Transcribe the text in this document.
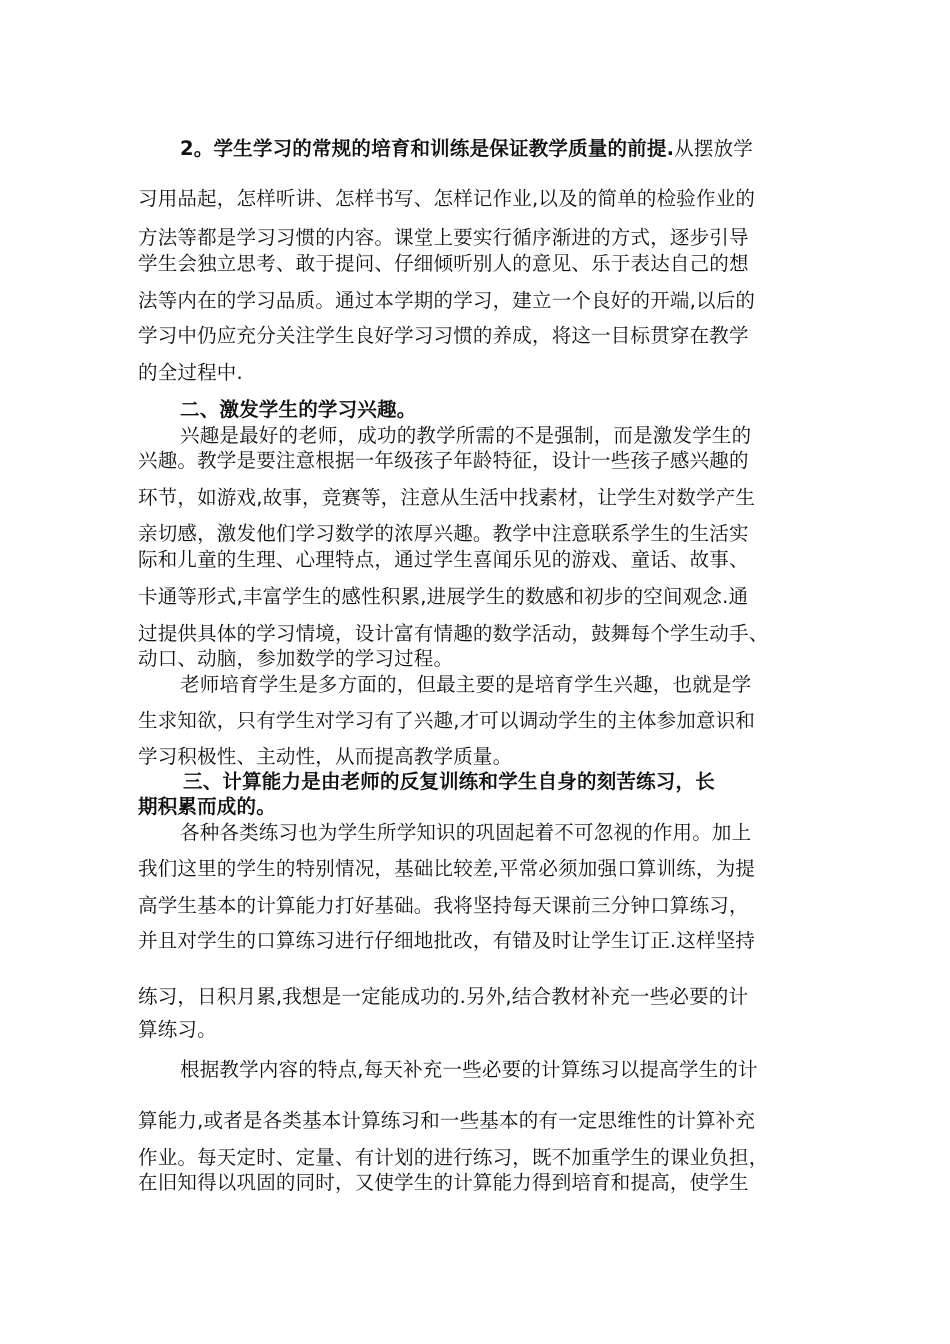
2。学生学习的常规的培育和训练是保证教学质量的前提.从摆放学

习用品起，怎样听讲、怎样书写、怎样记作业,以及的简单的检验作业的

方法等都是学习习惯的内容。课堂上要实行循序渐进的方式，逐步引导

学生会独立思考、敢于提问、仔细倾听别人的意见、乐于表达自己的想

法等内在的学习品质。通过本学期的学习，建立一个良好的开端,以后的

学习中仍应充分关注学生良好学习习惯的养成，将这一目标贯穿在教学

的全过程中.

二、激发学生的学习兴趣。

兴趣是最好的老师，成功的教学所需的不是强制，而是激发学生的

兴趣。教学是要注意根据一年级孩子年龄特征，设计一些孩子感兴趣的

环节，如游戏,故事，竞赛等，注意从生活中找素材，让学生对数学产生

亲切感，激发他们学习数学的浓厚兴趣。教学中注意联系学生的生活实

际和儿童的生理、心理特点，通过学生喜闻乐见的游戏、童话、故事、

卡通等形式,丰富学生的感性积累,进展学生的数感和初步的空间观念.通

过提供具体的学习情境，设计富有情趣的数学活动，鼓舞每个学生动手、

动口、动脑，参加数学的学习过程。

老师培育学生是多方面的，但最主要的是培育学生兴趣，也就是学

生求知欲，只有学生对学习有了兴趣,才可以调动学生的主体参加意识和

学习积极性、主动性，从而提高教学质量。

三、计算能力是由老师的反复训练和学生自身的刻苦练习，长

期积累而成的。

各种各类练习也为学生所学知识的巩固起着不可忽视的作用。加上

我们这里的学生的特别情况，基础比较差,平常必须加强口算训练，为提

高学生基本的计算能力打好基础。我将坚持每天课前三分钟口算练习，

并且对学生的口算练习进行仔细地批改，有错及时让学生订正.这样坚持

练习，日积月累,我想是一定能成功的.另外,结合教材补充一些必要的计

算练习。

根据教学内容的特点,每天补充一些必要的计算练习以提高学生的计

算能力,或者是各类基本计算练习和一些基本的有一定思维性的计算补充

作业。每天定时、定量、有计划的进行练习，既不加重学生的课业负担，

在旧知得以巩固的同时，又使学生的计算能力得到培育和提高，使学生
